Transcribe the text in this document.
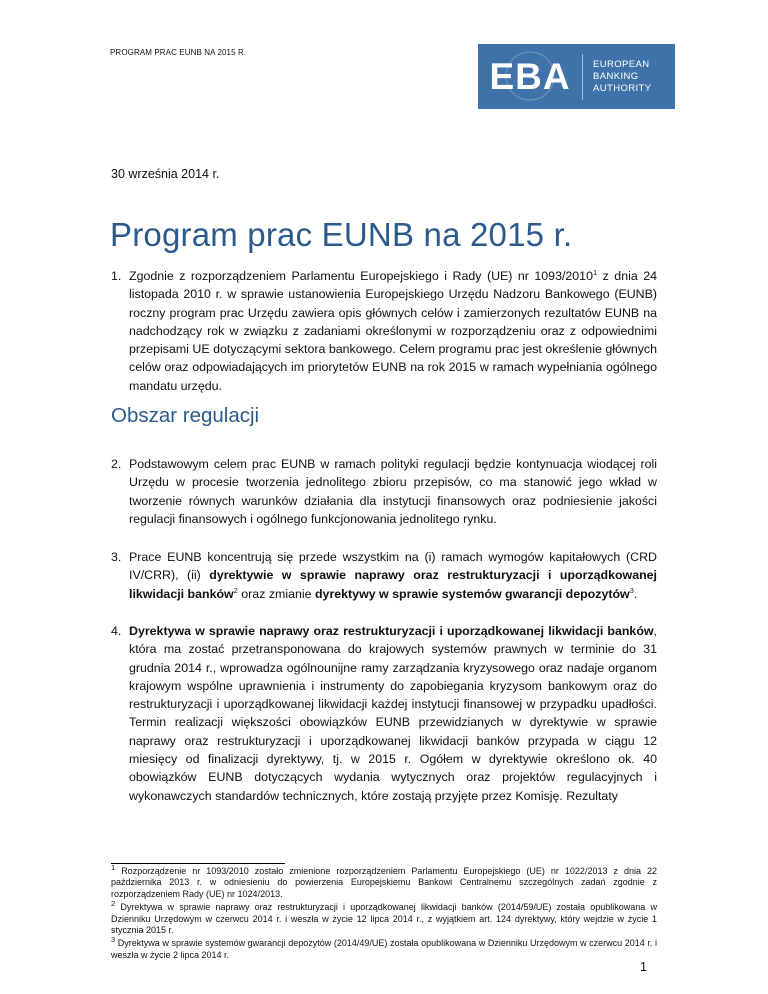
PROGRAM PRAC EUNB NA 2015 R.
EBA	EUROPEAN
BANKING
AUTHORITY
30 września 2014 r.
Program prac EUNB na 2015 r.
1. Zgodnie z rozporządzeniem Parlamentu Europejskiego i Rady (UE) nr 1093/2010$^1$ z dnia 24 listopada 2010 r. w sprawie ustanowienia Europejskiego Urzędu Nadzoru Bankowego (EUNB) roczny program prac Urzędu zawiera opis głównych celów i zamierzonych rezultatów EUNB na nadchodzący rok w związku z zadaniami określonymi w rozporządzeniu oraz z odpowiednimi przepisami UE dotyczącymi sektora bankowego. Celem programu prac jest określenie głównych celów oraz odpowiadających im priorytetów EUNB na rok 2015 w ramach wypełniania ogólnego mandatu urzędu.
Obszar regulacji
2. Podstawowym celem prac EUNB w ramach polityki regulacji będzie kontynuacja wiodącej roli Urzędu w procesie tworzenia jednolitego zbioru przepisów, co ma stanowić jego wkład w tworzenie równych warunków działania dla instytucji finansowych oraz podniesienie jakości regulacji finansowych i ogólnego funkcjonowania jednolitego rynku.
3. Prace EUNB koncentrują się przede wszystkim na (i) ramach wymogów kapitałowych (CRD IV/CRR), (ii) dyrektywie w sprawie naprawy oraz restrukturyzacji i uporządkowanej likwidacji banków$^2$ oraz zmianie dyrektywy w sprawie systemów gwarancji depozytów$^3$.
4. Dyrektywa w sprawie naprawy oraz restrukturyzacji i uporządkowanej likwidacji banków, która ma zostać przetransponowana do krajowych systemów prawnych w terminie do 31 grudnia 2014 r., wprowadza ogólnounijne ramy zarządzania kryzysowego oraz nadaje organom krajowym wspólne uprawnienia i instrumenty do zapobiegania kryzysom bankowym oraz do restrukturyzacji i uporządkowanej likwidacji każdej instytucji finansowej w przypadku upadłości. Termin realizacji większości obowiązków EUNB przewidzianych w dyrektywie w sprawie naprawy oraz restrukturyzacji i uporządkowanej likwidacji banków przypada w ciągu 12 miesięcy od finalizacji dyrektywy, tj. w 2015 r. Ogółem w dyrektywie określono ok. 40 obowiązków EUNB dotyczących wydania wytycznych oraz projektów regulacyjnych i wykonawczych standardów technicznych, które zostają przyjęte przez Komisję. Rezultaty
$^1$ Rozporządzenie nr 1093/2010 zostało zmienione rozporządzeniem Parlamentu Europejskiego (UE) nr 1022/2013 z dnia 22 października 2013 r. w odniesieniu do powierzenia Europejskiemu Bankowi Centralnemu szczególnych zadań zgodnie z rozporządzeniem Rady (UE) nr 1024/2013.
$^2$ Dyrektywa w sprawie naprawy oraz restrukturyzacji i uporządkowanej likwidacji banków (2014/59/UE) została opublikowana w Dzienniku Urzędowym w czerwcu 2014 r. i weszła w życie 12 lipca 2014 r., z wyjątkiem art. 124 dyrektywy, który wejdzie w życie 1 stycznia 2015 r.
$^3$ Dyrektywa w sprawie systemów gwarancji depozytów (2014/49/UE) została opublikowana w Dzienniku Urzędowym w czerwcu 2014 r. i weszła w życie 2 lipca 2014 r.
1
